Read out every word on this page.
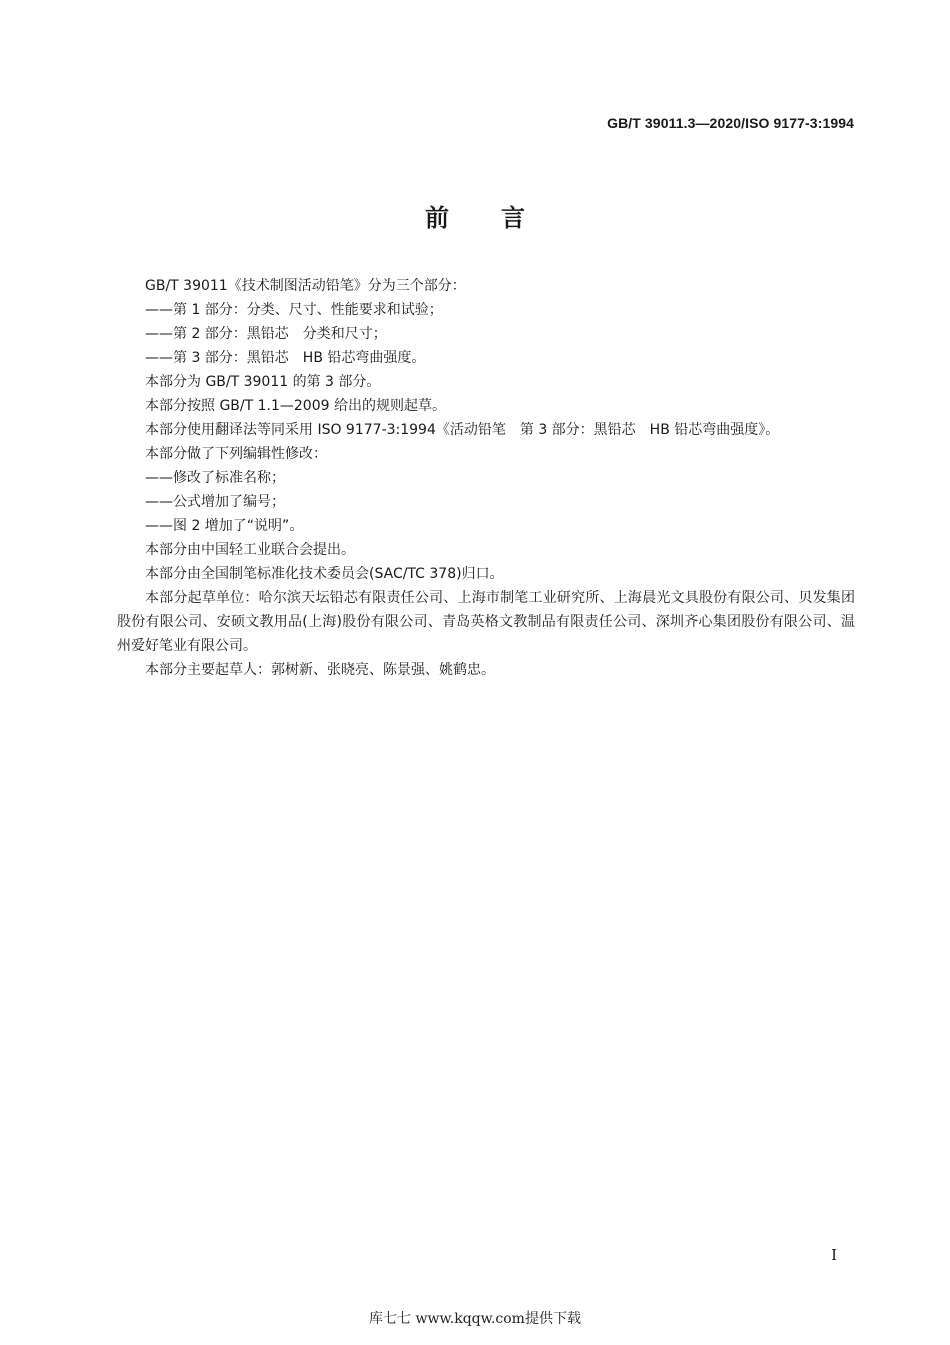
GB/T 39011.3—2020/ISO 9177-3:1994
前言

GB/T 39011《技术制图活动铅笔》分为三个部分：

——第 1 部分：分类、尺寸、性能要求和试验；

——第 2 部分：黑铅芯　分类和尺寸；

——第 3 部分：黑铅芯　HB 铅芯弯曲强度。

本部分为 GB/T 39011 的第 3 部分。

本部分按照 GB/T 1.1—2009 给出的规则起草。

本部分使用翻译法等同采用 ISO 9177-3:1994《活动铅笔　第 3 部分：黑铅芯　HB 铅芯弯曲强度》。

本部分做了下列编辑性修改：

——修改了标准名称；

——公式增加了编号；

——图 2 增加了“说明”。

本部分由中国轻工业联合会提出。

本部分由全国制笔标准化技术委员会(SAC/TC 378)归口。

本部分起草单位：哈尔滨天坛铅芯有限责任公司、上海市制笔工业研究所、上海晨光文具股份有限公司、贝发集团股份有限公司、安硕文教用品(上海)股份有限公司、青岛英格文教制品有限责任公司、深圳齐心集团股份有限公司、温州爱好笔业有限公司。

本部分主要起草人：郭树新、张晓亮、陈景强、姚鹤忠。

I
库七七 www.kqqw.com提供下载
